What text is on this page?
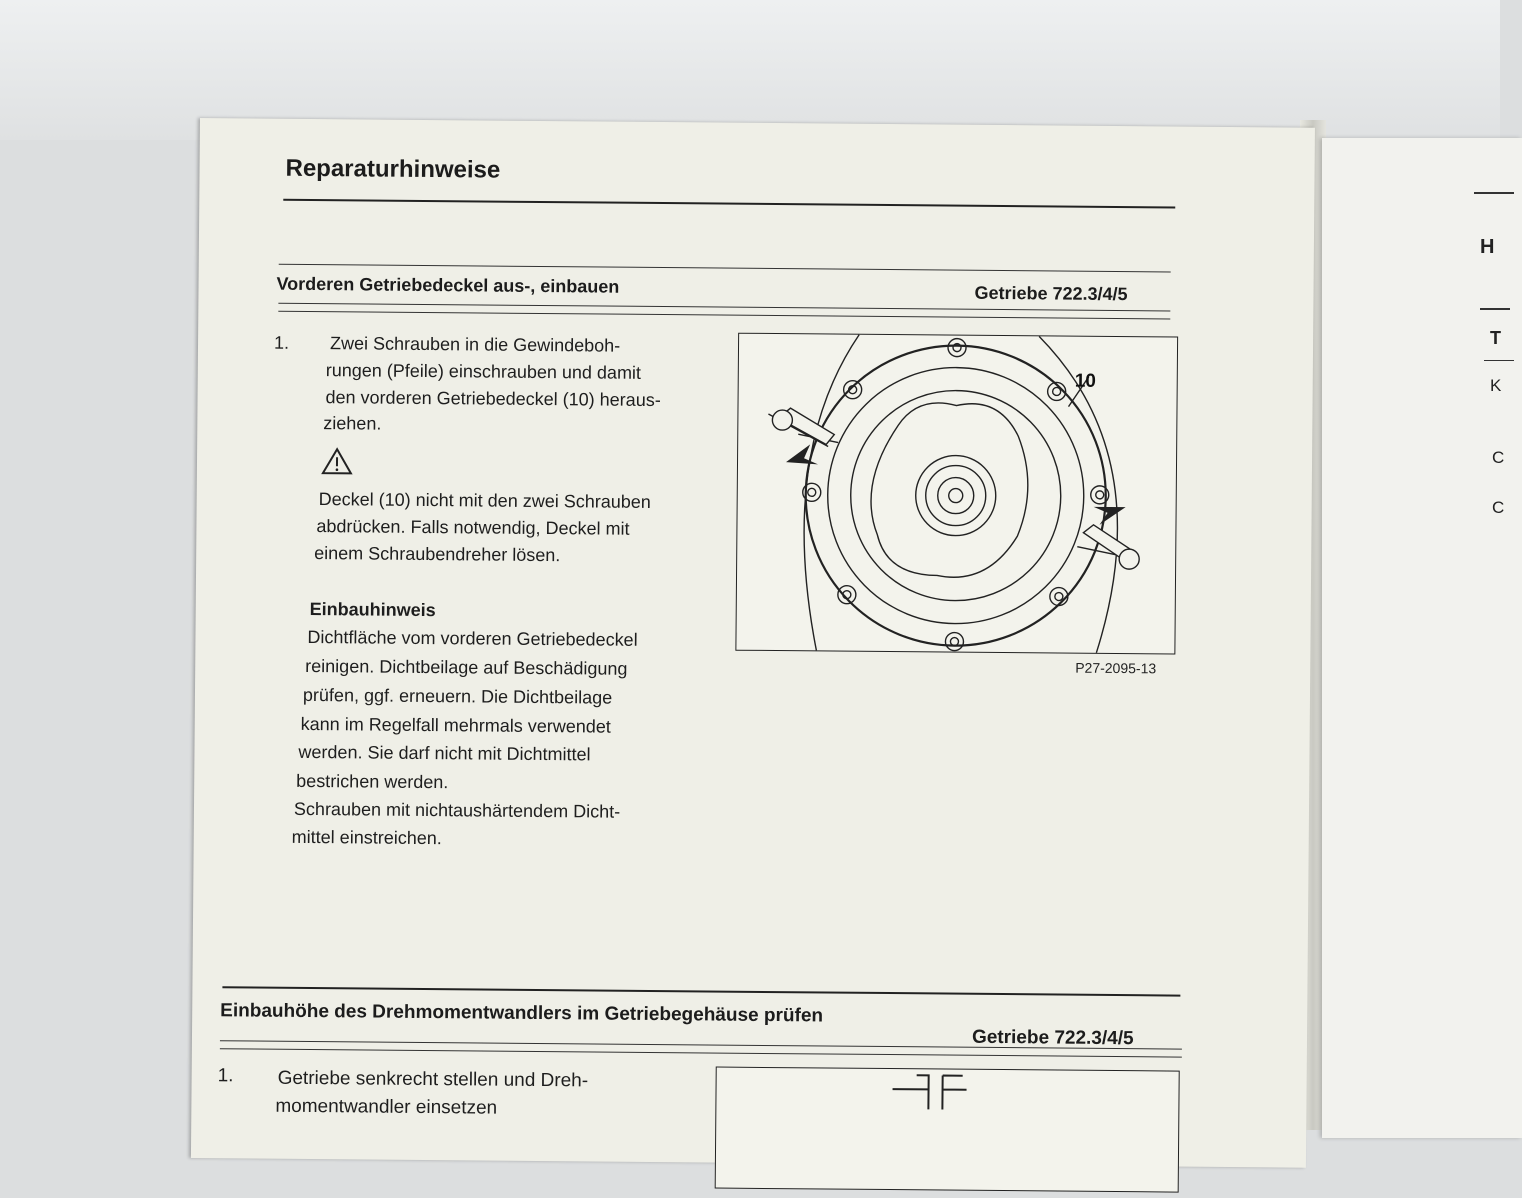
H
T
K
C
C
Reparaturhinweise
Vorderen Getriebedeckel aus-, einbauen	Getriebe 722.3/4/5
1. Zwei Schrauben in die Gewindeboh-
rungen (Pfeile) einschrauben und damit
den vorderen Getriebedeckel (10) heraus-
ziehen.
Deckel (10) nicht mit den zwei Schrauben
abdrücken. Falls notwendig, Deckel mit
einem Schraubendreher lösen.
Einbauhinweis
Dichtfläche vom vorderen Getriebedeckel
reinigen. Dichtbeilage auf Beschädigung
prüfen, ggf. erneuern. Die Dichtbeilage
kann im Regelfall mehrmals verwendet
werden. Sie darf nicht mit Dichtmittel
bestrichen werden.
Schrauben mit nichtaushärtendem Dicht-
mittel einstreichen.
10
P27-2095-13
Einbauhöhe des Drehmomentwandlers im Getriebegehäuse prüfen
Getriebe 722.3/4/5
1. Getriebe senkrecht stellen und Dreh-
momentwandler einsetzen
